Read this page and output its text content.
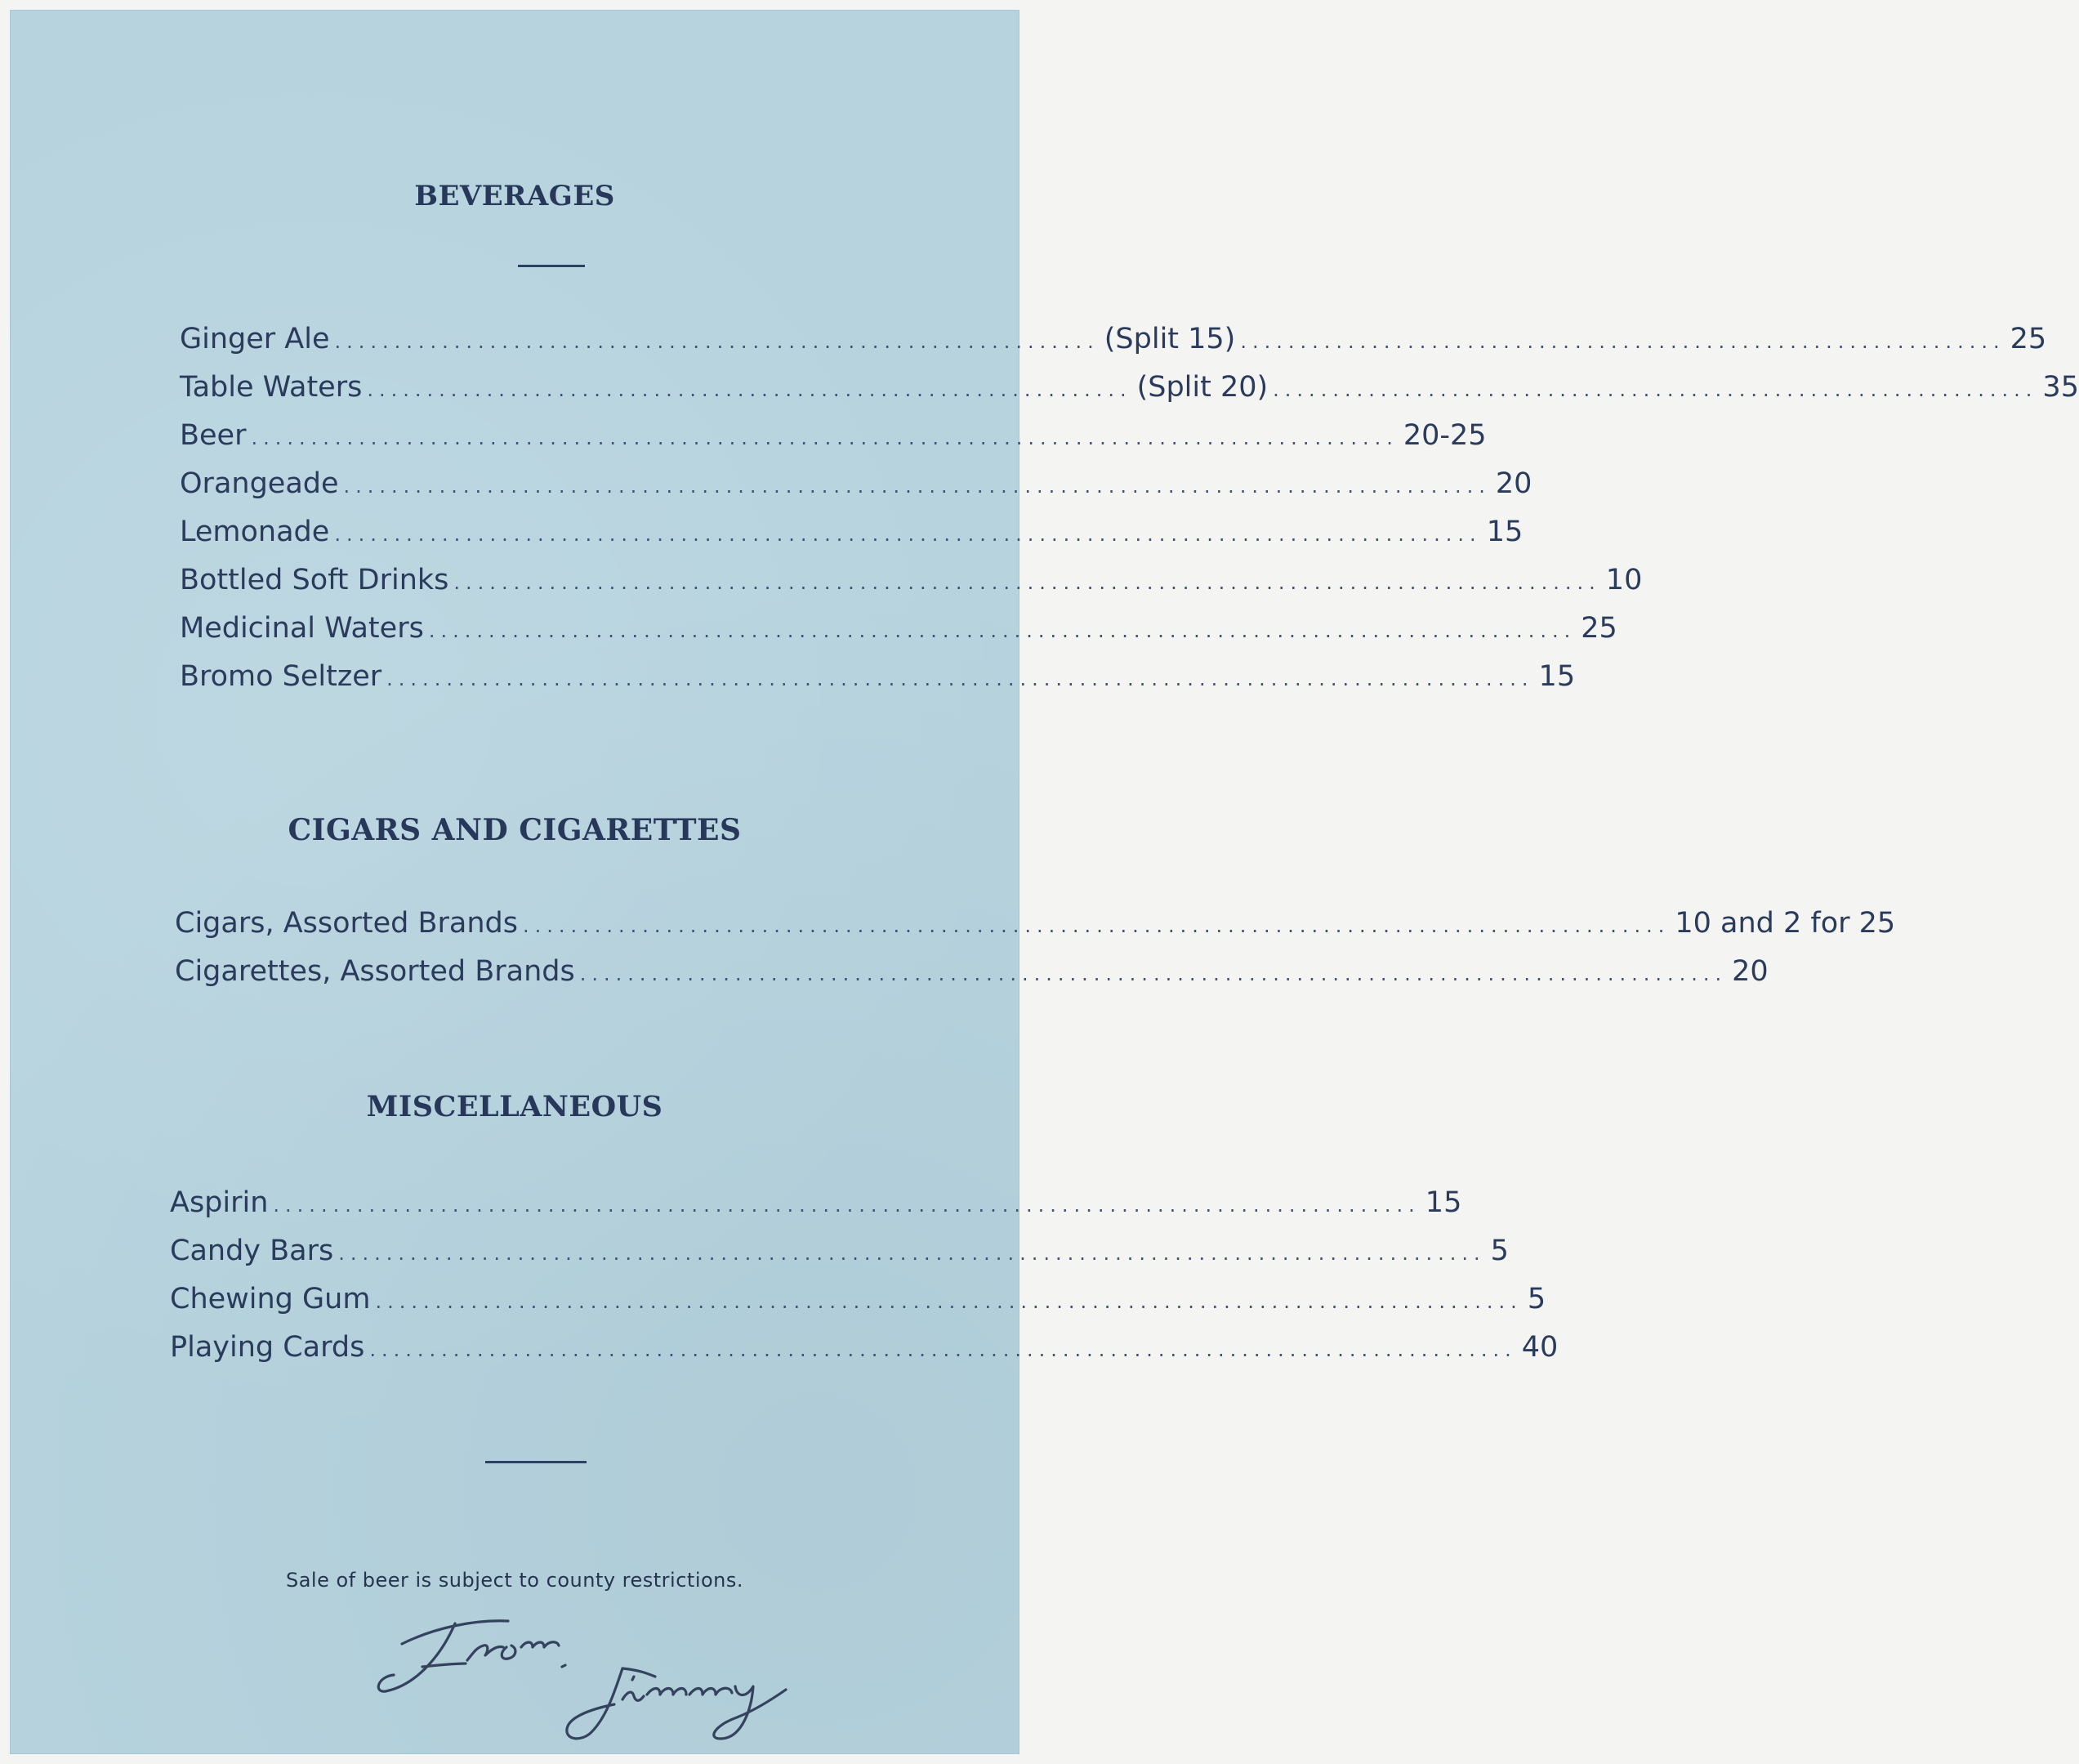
BEVERAGES
Ginger Ale ................................................................ (Split 15) ................................................................ 25
Table Waters ................................................................ (Split 20) ................................................................ 35
Beer ................................................................................................ 20-25
Orangeade ................................................................................................ 20
Lemonade ................................................................................................ 15
Bottled Soft Drinks ................................................................................................ 10
Medicinal Waters ................................................................................................ 25
Bromo Seltzer ................................................................................................ 15
CIGARS AND CIGARETTES
Cigars, Assorted Brands ................................................................................................ 10 and 2 for 25
Cigarettes, Assorted Brands ................................................................................................ 20
MISCELLANEOUS
Aspirin ................................................................................................ 15
Candy Bars ................................................................................................ 5
Chewing Gum ................................................................................................ 5
Playing Cards ................................................................................................ 40

Sale of beer is subject to county restrictions.
